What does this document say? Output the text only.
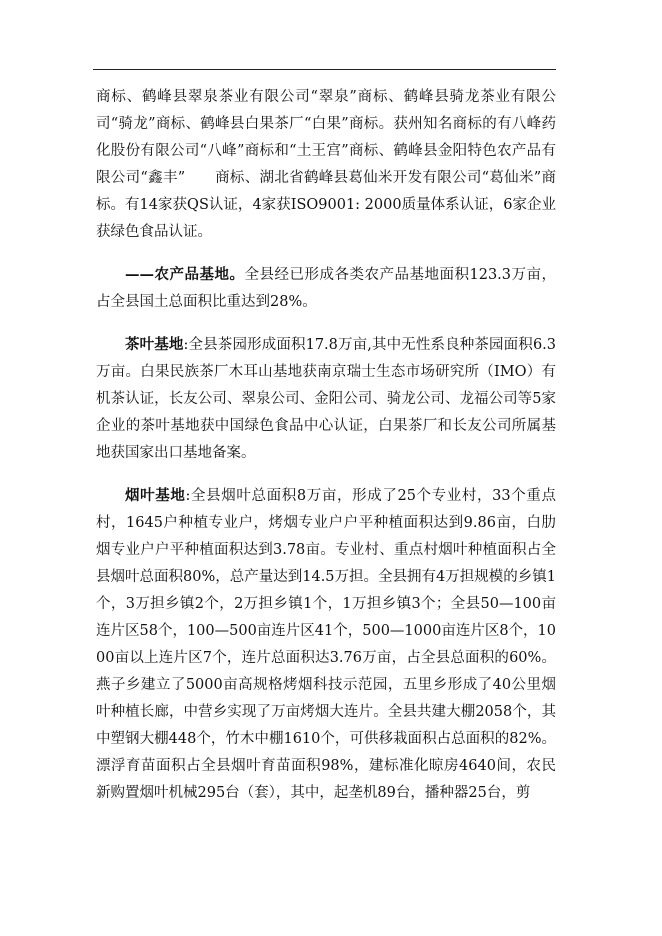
商标、鹤峰县翠泉茶业有限公司“翠泉”商标、鹤峰县骑龙茶业有限公司“骑龙”商标、鹤峰县白果茶厂“白果”商标。获州知名商标的有八峰药化股份有限公司“八峰”商标和“土王宫”商标、鹤峰县金阳特色农产品有限公司“鑫丰”　　商标、湖北省鹤峰县葛仙米开发有限公司“葛仙米”商标。有14家获QS认证，4家获ISO9001: 2000质量体系认证，6家企业获绿色食品认证。

——农产品基地。全县经已形成各类农产品基地面积123.3万亩，占全县国土总面积比重达到28%。

茶叶基地:全县茶园形成面积17.8万亩,其中无性系良种茶园面积6.3万亩。白果民族茶厂木耳山基地获南京瑞士生态市场研究所（IMO）有机茶认证，长友公司、翠泉公司、金阳公司、骑龙公司、龙福公司等5家企业的茶叶基地获中国绿色食品中心认证，白果茶厂和长友公司所属基地获国家出口基地备案。

烟叶基地:全县烟叶总面积8万亩，形成了25个专业村，33个重点村，1645户种植专业户，烤烟专业户户平种植面积达到9.86亩，白肋烟专业户户平种植面积达到3.78亩。专业村、重点村烟叶种植面积占全县烟叶总面积80%，总产量达到14.5万担。全县拥有4万担规模的乡镇1个，3万担乡镇2个，2万担乡镇1个，1万担乡镇3个；全县50—100亩连片区58个，100—500亩连片区41个，500—1000亩连片区8个，1000亩以上连片区7个，连片总面积达3.76万亩，占全县总面积的60%。燕子乡建立了5000亩高规格烤烟科技示范园，五里乡形成了40公里烟叶种植长廊，中营乡实现了万亩烤烟大连片。全县共建大棚2058个，其中塑钢大棚448个，竹木中棚1610个，可供移栽面积占总面积的82%。漂浮育苗面积占全县烟叶育苗面积98%，建标准化晾房4640间，农民新购置烟叶机械295台（套），其中，起垄机89台，播种器25台，剪
